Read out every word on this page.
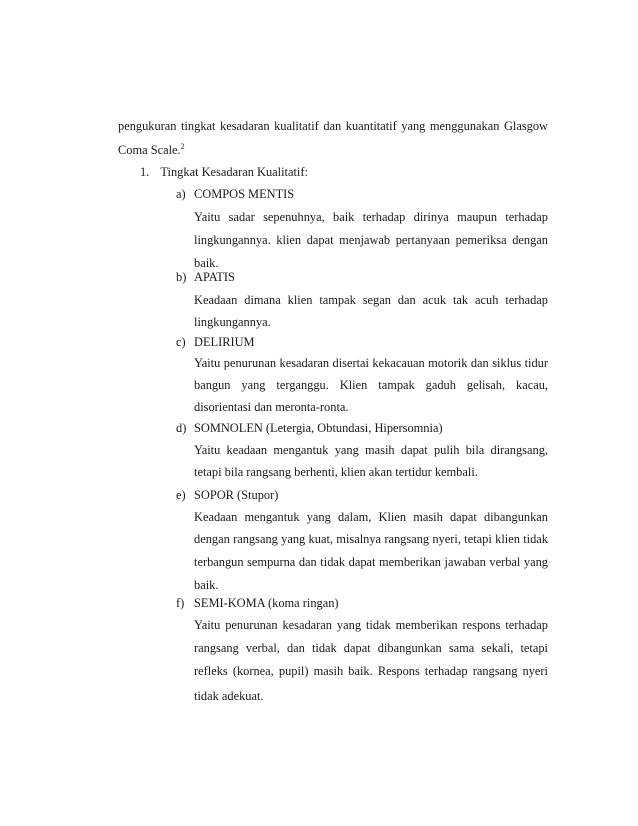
pengukuran tingkat kesadaran kualitatif dan kuantitatif yang menggunakan Glasgow
Coma Scale.$^2$
1. Tingkat Kesadaran Kualitatif:
a) COMPOS MENTIS
Yaitu sadar sepenuhnya, baik terhadap dirinya maupun terhadap
lingkungannya. klien dapat menjawab pertanyaan pemeriksa dengan
baik.
b) APATIS
Keadaan dimana klien tampak segan dan acuk tak acuh terhadap
lingkungannya.
c) DELIRIUM
Yaitu penurunan kesadaran disertai kekacauan motorik dan siklus tidur
bangun yang terganggu. Klien tampak gaduh gelisah, kacau,
disorientasi dan meronta-ronta.
d) SOMNOLEN (Letergia, Obtundasi, Hipersomnia)
Yaitu keadaan mengantuk yang masih dapat pulih bila dirangsang,
tetapi bila rangsang berhenti, klien akan tertidur kembali.
e) SOPOR (Stupor)
Keadaan mengantuk yang dalam, Klien masih dapat dibangunkan
dengan rangsang yang kuat, misalnya rangsang nyeri, tetapi klien tidak
terbangun sempurna dan tidak dapat memberikan jawaban verbal yang
baik.
f) SEMI-KOMA (koma ringan)
Yaitu penurunan kesadaran yang tidak memberikan respons terhadap
rangsang verbal, dan tidak dapat dibangunkan sama sekali, tetapi
refleks (kornea, pupil) masih baik. Respons terhadap rangsang nyeri
tidak adekuat.
